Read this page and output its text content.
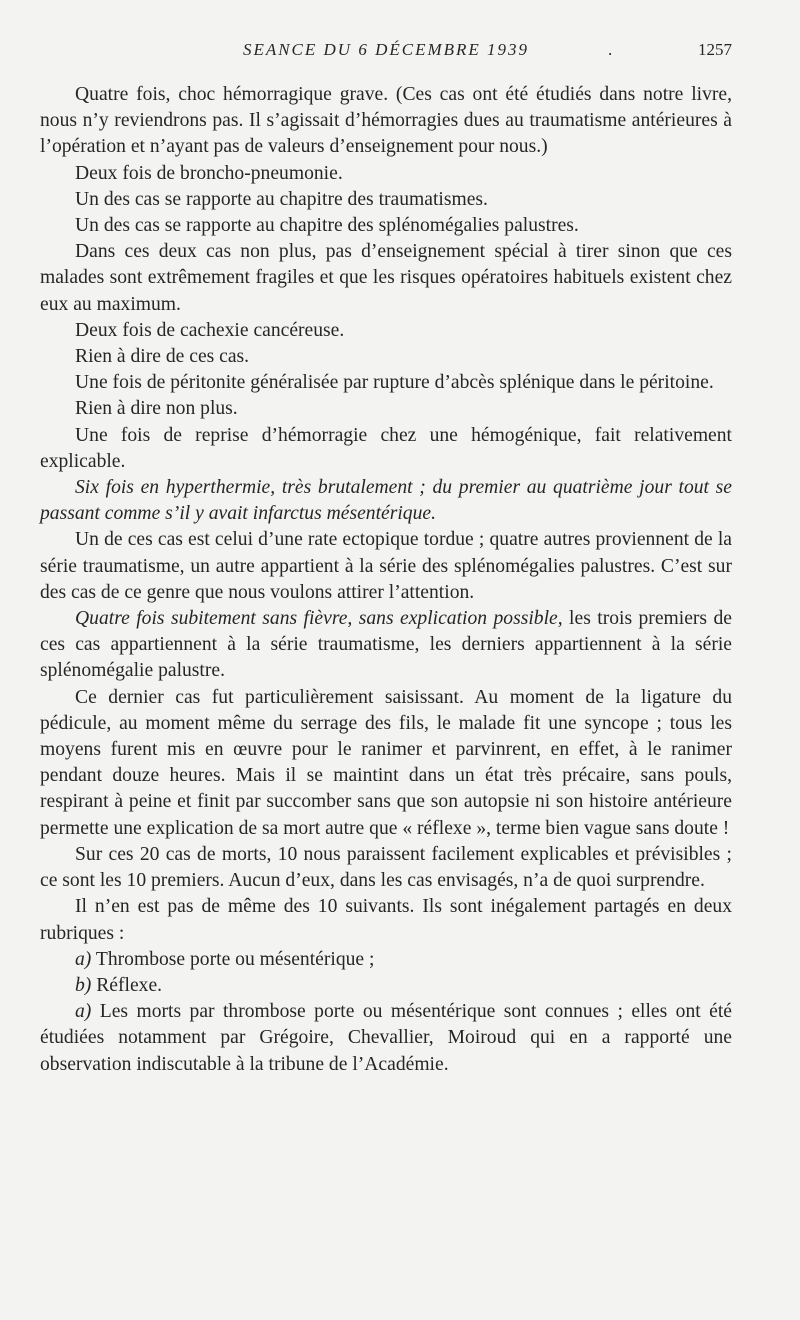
SEANCE DU 6 DÉCEMBRE 1939	.	1257

Quatre fois, choc hémorragique grave. (Ces cas ont été étudiés dans notre livre, nous n’y reviendrons pas. Il s’agissait d’hémorragies dues au traumatisme antérieures à l’opération et n’ayant pas de valeurs d’enseignement pour nous.)

Deux fois de broncho-pneumonie.

Un des cas se rapporte au chapitre des traumatismes.

Un des cas se rapporte au chapitre des splénomégalies palustres.

Dans ces deux cas non plus, pas d’enseignement spécial à tirer sinon que ces malades sont extrêmement fragiles et que les risques opératoires habituels existent chez eux au maximum.

Deux fois de cachexie cancéreuse.

Rien à dire de ces cas.

Une fois de péritonite généralisée par rupture d’abcès splénique dans le péritoine.

Rien à dire non plus.

Une fois de reprise d’hémorragie chez une hémogénique, fait relativement explicable.

Six fois en hyperthermie, très brutalement ; du premier au quatrième jour tout se passant comme s’il y avait infarctus mésentérique.

Un de ces cas est celui d’une rate ectopique tordue ; quatre autres proviennent de la série traumatisme, un autre appartient à la série des splénomégalies palustres. C’est sur des cas de ce genre que nous voulons attirer l’attention.

Quatre fois subitement sans fièvre, sans explication possible, les trois premiers de ces cas appartiennent à la série traumatisme, les derniers appartiennent à la série splénomégalie palustre.

Ce dernier cas fut particulièrement saisissant. Au moment de la ligature du pédicule, au moment même du serrage des fils, le malade fit une syncope ; tous les moyens furent mis en œuvre pour le ranimer et parvinrent, en effet, à le ranimer pendant douze heures. Mais il se maintint dans un état très précaire, sans pouls, respirant à peine et finit par succomber sans que son autopsie ni son histoire antérieure permette une explication de sa mort autre que « réflexe », terme bien vague sans doute !

Sur ces 20 cas de morts, 10 nous paraissent facilement explicables et prévisibles ; ce sont les 10 premiers. Aucun d’eux, dans les cas envisagés, n’a de quoi surprendre.

Il n’en est pas de même des 10 suivants. Ils sont inégalement partagés en deux rubriques :

a) Thrombose porte ou mésentérique ;

b) Réflexe.

a) Les morts par thrombose porte ou mésentérique sont connues ; elles ont été étudiées notamment par Grégoire, Chevallier, Moiroud qui en a rapporté une observation indiscutable à la tribune de l’Académie.
